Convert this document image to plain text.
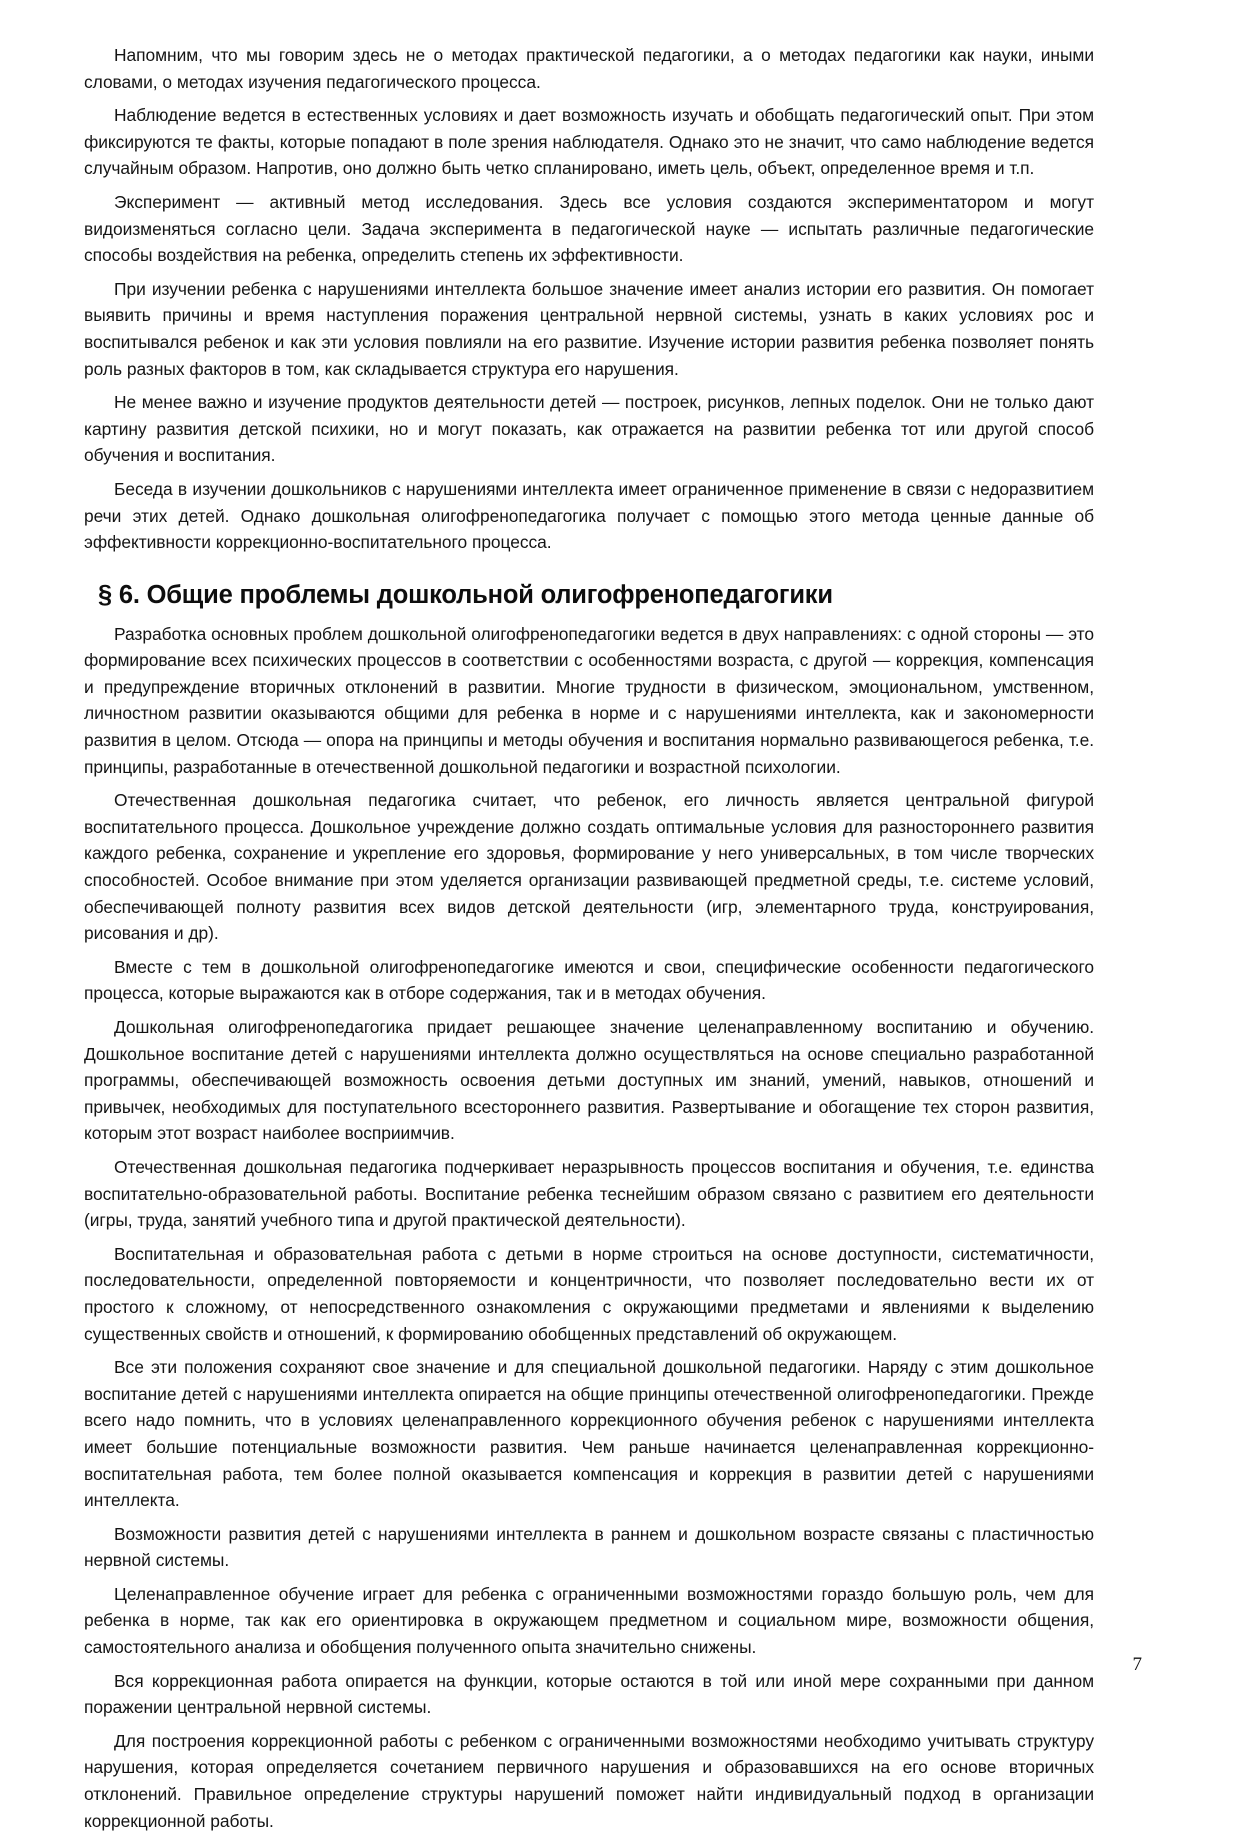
Напомним, что мы говорим здесь не о методах практической педагогики, а о методах педагогики как науки, иными словами, о методах изучения педагогического процесса.

Наблюдение ведется в естественных условиях и дает возможность изучать и обобщать педагогический опыт. При этом фиксируются те факты, которые попадают в поле зрения наблюдателя. Однако это не значит, что само наблюдение ведется случайным образом. Напротив, оно должно быть четко спланировано, иметь цель, объект, определенное время и т.п.

Эксперимент — активный метод исследования. Здесь все условия создаются экспериментатором и могут видоизменяться согласно цели. Задача эксперимента в педагогической науке — испытать различные педагогические способы воздействия на ребенка, определить степень их эффективности.

При изучении ребенка с нарушениями интеллекта большое значение имеет анализ истории его развития. Он помогает выявить причины и время наступления поражения центральной нервной системы, узнать в каких условиях рос и воспитывался ребенок и как эти условия повлияли на его развитие. Изучение истории развития ребенка позволяет понять роль разных факторов в том, как складывается структура его нарушения.

Не менее важно и изучение продуктов деятельности детей — построек, рисунков, лепных поделок. Они не только дают картину развития детской психики, но и могут показать, как отражается на развитии ребенка тот или другой способ обучения и воспитания.

Беседа в изучении дошкольников с нарушениями интеллекта имеет ограниченное применение в связи с недоразвитием речи этих детей. Однако дошкольная олигофренопедагогика получает с помощью этого метода ценные данные об эффективности коррекционно-воспитательного процесса.

§ 6. Общие проблемы дошкольной олигофренопедагогики

Разработка основных проблем дошкольной олигофренопедагогики ведется в двух направлениях: с одной стороны — это формирование всех психических процессов в соответствии с особенностями возраста, с другой — коррекция, компенсация и предупреждение вторичных отклонений в развитии. Многие трудности в физическом, эмоциональном, умственном, личностном развитии оказываются общими для ребенка в норме и с нарушениями интеллекта, как и закономерности развития в целом. Отсюда — опора на принципы и методы обучения и воспитания нормально развивающегося ребенка, т.е. принципы, разработанные в отечественной дошкольной педагогики и возрастной психологии.

Отечественная дошкольная педагогика считает, что ребенок, его личность является центральной фигурой воспитательного процесса. Дошкольное учреждение должно создать оптимальные условия для разностороннего развития каждого ребенка, сохранение и укрепление его здоровья, формирование у него универсальных, в том числе творческих способностей. Особое внимание при этом уделяется организации развивающей предметной среды, т.е. системе условий, обеспечивающей полноту развития всех видов детской деятельности (игр, элементарного труда, конструирования, рисования и др).

Вместе с тем в дошкольной олигофренопедагогике имеются и свои, специфические особенности педагогического процесса, которые выражаются как в отборе содержания, так и в методах обучения.

Дошкольная олигофренопедагогика придает решающее значение целенаправленному воспитанию и обучению. Дошкольное воспитание детей с нарушениями интеллекта должно осуществляться на основе специально разработанной программы, обеспечивающей возможность освоения детьми доступных им знаний, умений, навыков, отношений и привычек, необходимых для поступательного всестороннего развития. Развертывание и обогащение тех сторон развития, которым этот возраст наиболее восприимчив.

Отечественная дошкольная педагогика подчеркивает неразрывность процессов воспитания и обучения, т.е. единства воспитательно-образовательной работы. Воспитание ребенка теснейшим образом связано с развитием его деятельности (игры, труда, занятий учебного типа и другой практической деятельности).

Воспитательная и образовательная работа с детьми в норме строиться на основе доступности, систематичности, последовательности, определенной повторяемости и концентричности, что позволяет последовательно вести их от простого к сложному, от непосредственного ознакомления с окружающими предметами и явлениями к выделению существенных свойств и отношений, к формированию обобщенных представлений об окружающем.

Все эти положения сохраняют свое значение и для специальной дошкольной педагогики. Наряду с этим дошкольное воспитание детей с нарушениями интеллекта опирается на общие принципы отечественной олигофренопедагогики. Прежде всего надо помнить, что в условиях целенаправленного коррекционного обучения ребенок с нарушениями интеллекта имеет большие потенциальные возможности развития. Чем раньше начинается целенаправленная коррекционно-воспитательная работа, тем более полной оказывается компенсация и коррекция в развитии детей с нарушениями интеллекта.

Возможности развития детей с нарушениями интеллекта в раннем и дошкольном возрасте связаны с пластичностью нервной системы.

Целенаправленное обучение играет для ребенка с ограниченными возможностями гораздо большую роль, чем для ребенка в норме, так как его ориентировка в окружающем предметном и социальном мире, возможности общения, самостоятельного анализа и обобщения полученного опыта значительно снижены.

Вся коррекционная работа опирается на функции, которые остаются в той или иной мере сохранными при данном поражении центральной нервной системы.

Для построения коррекционной работы с ребенком с ограниченными возможностями необходимо учитывать структуру нарушения, которая определяется сочетанием первичного нарушения и образовавшихся на его основе вторичных отклонений. Правильное определение структуры нарушений поможет найти индивидуальный подход в организации коррекционной работы.

7
